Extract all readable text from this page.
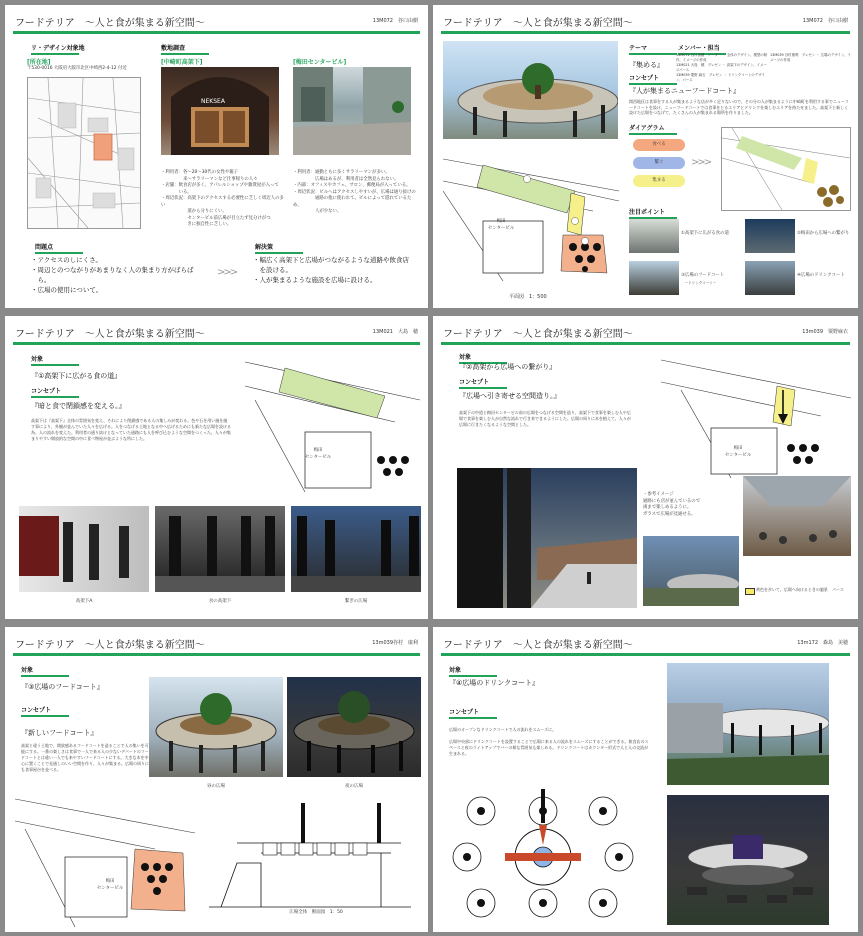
フードテリア　～人と食が集まる新空間～	13M072　谷口由樹
リ・デザイン対象地
[所在地]
〒530-0016 大阪府大阪市北区中崎西2-4-12 付近
敷地調査
[中崎町高架下]	[梅田センタービル]
NEKSEA
・利用者：各～20～30代の女性や親子
　　　　　来～サラリーマンなど仕事帰りの人々
・店舗：飲食店が多く、アパレルショップや雑貨屋が入って
　　　　いる。
・周辺状況：高架下のアクセスする必要性に乏しく周辺人の多い
　　　　　　道から分りにくい。
　　　　　　センタービル前広場が目立たず見分けがつ
　　　　　　きに独自性に乏しい。
・利用者：通勤ともに多くサラリーマンが多い。
　　　　　広場はあるが、利用者は全然見られない。
・内部：オフィスやカフェ、サロン、郵便局が入っている。
・周辺状況：ビルへはアクセスしやすいが、広場は通り抜けの
　　　　　通路の他に使われて、ビルによって隠れているため、
　　　　　人が少ない。
問題点
・アクセスのしにくさ。
・周辺とのつながりがあまりなく人の集まり方がばらば
　ら。
・広場の使用について。
>>>
解決策
・幅広く高架下と広場がつながるような道路や飲食店
　を設ける。
・人が集まるような施設を広場に設ける。
フードテリア　～人と食が集まる新空間～	13M072　谷口由樹
テーマ	メンバー・担当
13M072 谷口由樹　リーダー ・ 全体のデザイン、模型の制作、イメージの作成
13M021 大島　穂　プレゼン ・ 高架下のデザイン、イメージパース
13M039 粟野 麻衣　プレゼン ・ ドリンクコートのデザイン、パース
13M039 谷村康利　プレゼン ・ 広場のデザイン、イメージの作成
『集める』
コンセプト
『人が集まるニューフードコート』
関西地区は食事をする人が集まるような店が多く足りないので、その分の人が集まるように中崎町を利用する事でニューフードコートを設け、ニューフードコートでは食事をとるエリアとドリンクを楽しむエリアを持たせました。高架下と新しく設けた広場をつなげて、たくさんの人が集まれる場所を作りました。
ダイアグラム
食べる
繋ぐ
集まる
>>>
梅田
センタービル
平面図　1：500
注目ポイント
①高架下に広がる食の道	②梅田から広場への繋がり
③広場のフードコート
~ドリンクコート~
④広場のドリンクコート
フードテリア　～人と食が集まる新空間～	13M021　大島　穂
対象
『①高架下に広がる食の道』
コンセプト
『暗と食で閉鎖感を変える。』
高架下は『高架下』全体の雰囲気を変え、それにより閉鎖感である人の集しみが変わる。色や石を用い施を施す事により、外観が並んでいた人々を広げる。人をつなげる土地となる中へ広げるためにも新たな広場を設ける為、人の流れを変えた。利用者の通り抜けとなっていた通路にも人を呼び込むような空間をつくった。人々が集まりやすい開放的な空間の中に食べ物屋が並ぶような所にした。
梅田
センタービル
高架下A	食の高架下	繋ぎの広場
フードテリア　～人と食が集まる新空間～	13m039　粟野麻衣
対象
『②高架から広場への繋がり』
コンセプト
『広場へ引き寄せる空間造り。』
高架下の中道と梅田センタービル前の広場をつなげる空間を造り、高架下で食事を楽しむ人や広場で食事を楽しむ人が自然な流れで行き来できるようにした。広場の周りに木を植えて、人々が広場に行きたくなるような空間とした。
梅田
センタービル
・参考イメージ
通路にも店が並んでいるので
両まで楽しめるように。
ガラスで広場が見通せる。
黄色を歩いて、広場へ向けるときの風景　パース
フードテリア　～人と食が集まる新空間～	13m039谷村　康利
対象
『③広場のフードコート』
コンセプト
『新しいフードコート』
高架と違う土地で、開放感あるフードコートを造ることで人の集いを可能にする。一番の楽しさは食事で一人で来る人の少ないデパートのフードコートとは違い一人でも来やすいフードコートにする。大きな木を中心に置くことで見通しのいい空間を作り、人々が集まる。広場の周りにも食事屋台を並べる。
昼の広場	夜の広場
梅田
センタービル
広場全体　断面図　1：50
フードテリア　～人と食が集まる新空間～	13m172　森島　美穂
対象
『④広場のドリンクコート』
コンセプト
広場のオープンなドリンクコートで人の流れをスムーズに。

広場中央部にドリンクコートを設置することで広場に来る人の流れをスムーズにすることができる。飲食店のスペースと夜のライトアップでバーの様な雰囲気も楽しめる。ドリンクコートはカウンター形式で人と人の交流が生まれる。
